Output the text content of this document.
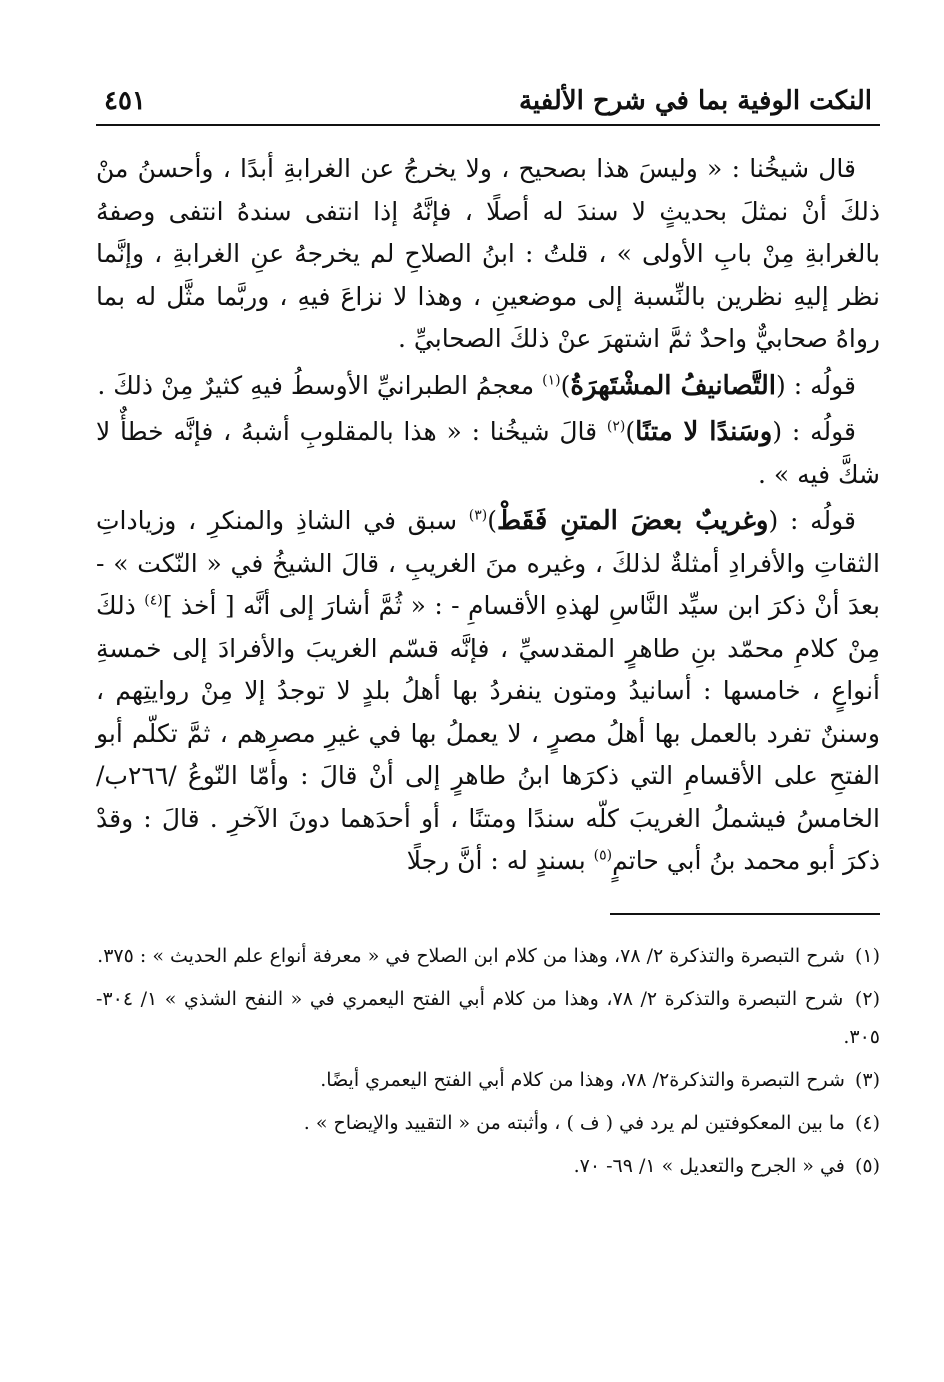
النكت الوفية بما في شرح الألفية
٤٥١

قال شيخُنا : « وليسَ هذا بصحيح ، ولا يخرجُ عن الغرابةِ أبدًا ، وأحسنُ منْ ذلكَ أنْ نمثلَ بحديثٍ لا سندَ له أصلًا ، فإنَّهُ إذا انتفى سندهُ انتفى وصفهُ بالغرابةِ مِنْ بابِ الأولى » ، قلتُ : ابنُ الصلاحِ لم يخرجهُ عنِ الغرابةِ ، وإنَّما نظر إليهِ نظرين بالنِّسبة إلى موضعينِ ، وهذا لا نزاعَ فيهِ ، وربَّما مثَّل له بما رواهُ صحابيٌّ واحدٌ ثمَّ اشتهرَ عنْ ذلكَ الصحابيِّ .

قولُه : (التَّصانيفُ المشْتَهرَةُ)$^{(١)}$ معجمُ الطبرانيِّ الأوسطُ فيهِ كثيرٌ مِنْ ذلكَ .

قولُه : (وسَندًا لا متنًا)$^{(٢)}$ قالَ شيخُنا : « هذا بالمقلوبِ أشبهُ ، فإنَّه خطأٌ لا شكَّ فيه » .

قولُه : (وغريبٌ بعضَ المتنِ فَقَطْ)$^{(٣)}$ سبق في الشاذِ والمنكرِ ، وزياداتِ الثقاتِ والأفرادِ أمثلةٌ لذلكَ ، وغيره منَ الغريبِ ، قالَ الشيخُ في « النّكت » - بعدَ أنْ ذكرَ ابن سيِّد النَّاسِ لهذهِ الأقسامِ - : « ثُمَّ أشارَ إلى أنَّه [ أخذ ]$^{(٤)}$ ذلكَ مِنْ كلامِ محمّد بنِ طاهرٍ المقدسيِّ ، فإنَّه قسّم الغريبَ والأفرادَ إلى خمسةِ أنواعٍ ، خامسها : أسانيدُ ومتون ينفردُ بها أهلُ بلدٍ لا توجدُ إلا مِنْ روايتِهم ، وسننٌ تفرد بالعمل بها أهلُ مصرٍ ، لا يعملُ بها في غيرِ مصرِهم ، ثمَّ تكلّم أبو الفتحِ على الأقسامِ التي ذكرَها ابنُ طاهرٍ إلى أنْ قالَ : وأمّا النّوعُ /٢٦٦ب/ الخامسُ فيشملُ الغريبَ كلّه سندًا ومتنًا ، أو أحدَهما دونَ الآخرِ . قالَ : وقدْ ذكرَ أبو محمد بنُ أبي حاتمٍ$^{(٥)}$ بسندٍ له : أنَّ رجلًا

(١) شرح التبصرة والتذكرة ٢/ ٧٨، وهذا من كلام ابن الصلاح في « معرفة أنواع علم الحديث » : ٣٧٥.
(٢) شرح التبصرة والتذكرة ٢/ ٧٨، وهذا من كلام أبي الفتح اليعمري في « النفح الشذي » ١/ ٣٠٤- ٣٠٥.
(٣) شرح التبصرة والتذكرة٢/ ٧٨، وهذا من كلام أبي الفتح اليعمري أيضًا.
(٤) ما بين المعكوفتين لم يرد في ( ف ) ، وأثبته من « التقييد والإيضاح » .
(٥) في « الجرح والتعديل » ١/ ٦٩- ٧٠.
